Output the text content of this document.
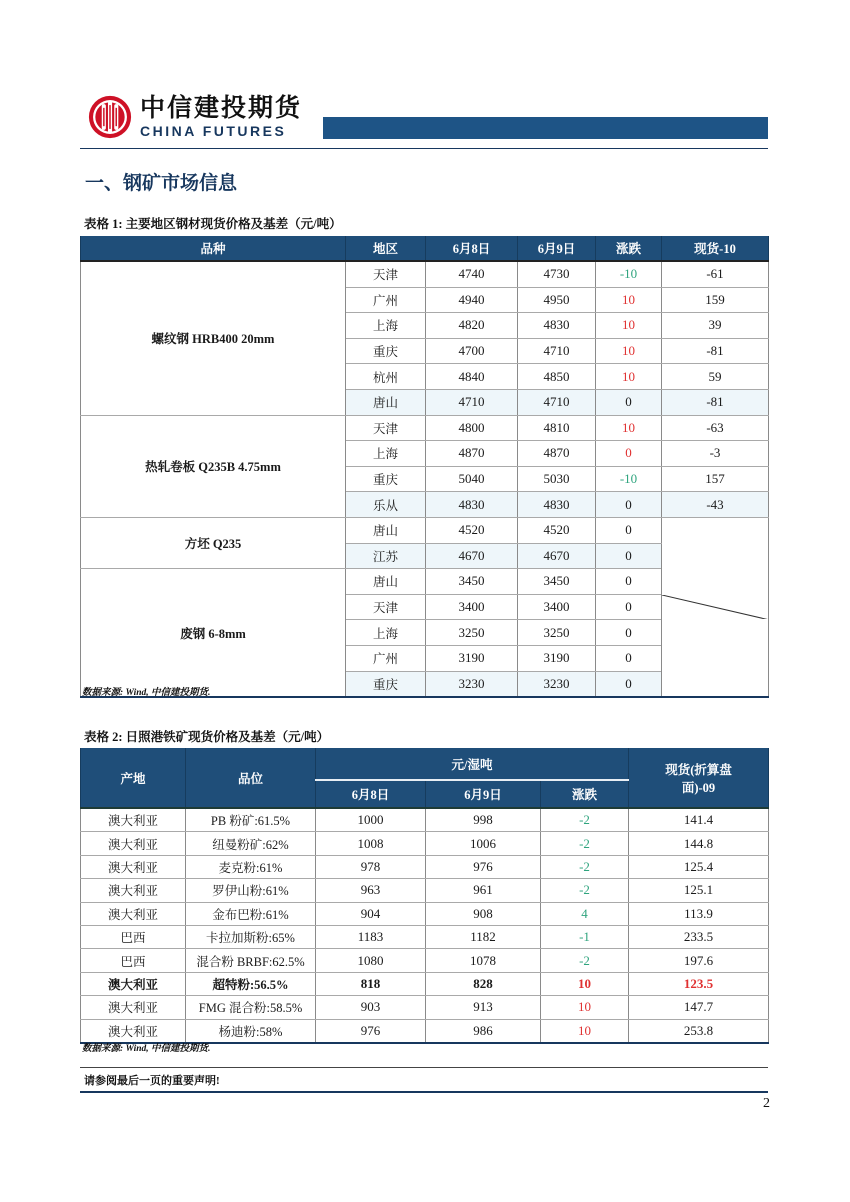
中信建投期货
CHINA FUTURES
一、钢矿市场信息
表格 1: 主要地区钢材现货价格及基差（元/吨）
品种	地区	6月8日	6月9日	涨跌	现货-10
螺纹钢 HRB400 20mm	天津	4740	4730	-10	-61
	广州	4940	4950	10	159
	上海	4820	4830	10	39
	重庆	4700	4710	10	-81
	杭州	4840	4850	10	59
	唐山	4710	4710	0	-81
热轧卷板 Q235B 4.75mm	天津	4800	4810	10	-63
	上海	4870	4870	0	-3
	重庆	5040	5030	-10	157
	乐从	4830	4830	0	-43
方坯 Q235	唐山	4520	4520	0	

	江苏	4670	4670	0	
废钢 6-8mm	唐山	3450	3450	0	
	天津	3400	3400	0	
	上海	3250	3250	0	
	广州	3190	3190	0	
	重庆	3230	3230	0	
数据来源: Wind, 中信建投期货.
表格 2: 日照港铁矿现货价格及基差（元/吨）
产地	品位	元/湿吨			现货(折算盘
面)-09
		6月8日	6月9日	涨跌	
澳大利亚	PB 粉矿:61.5%	1000	998	-2	141.4
澳大利亚	纽曼粉矿:62%	1008	1006	-2	144.8
澳大利亚	麦克粉:61%	978	976	-2	125.4
澳大利亚	罗伊山粉:61%	963	961	-2	125.1
澳大利亚	金布巴粉:61%	904	908	4	113.9
巴西	卡拉加斯粉:65%	1183	1182	-1	233.5
巴西	混合粉 BRBF:62.5%	1080	1078	-2	197.6
澳大利亚	超特粉:56.5%	818	828	10	123.5
澳大利亚	FMG 混合粉:58.5%	903	913	10	147.7
澳大利亚	杨迪粉:58%	976	986	10	253.8
数据来源: Wind, 中信建投期货.
请参阅最后一页的重要声明!
2
